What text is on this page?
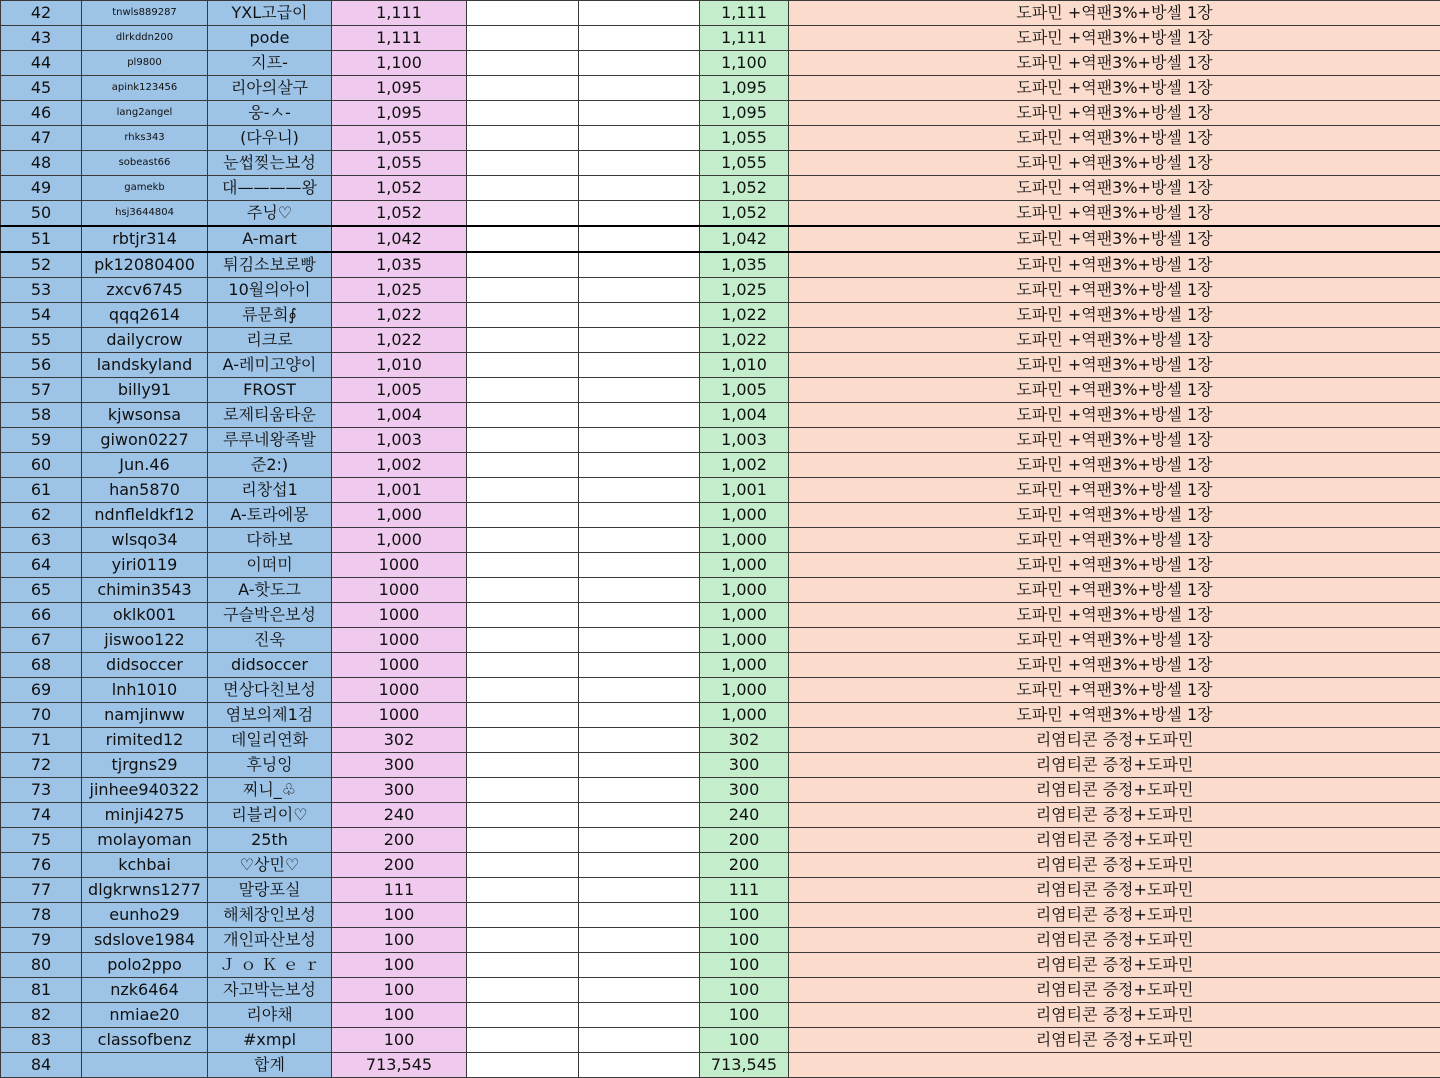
42	tnwls889287	YXL고급이	1,111			1,111	도파민 +역팬3%+방셀 1장
43	dlrkddn200	pode	1,111			1,111	도파민 +역팬3%+방셀 1장
44	pl9800	지프-	1,100			1,100	도파민 +역팬3%+방셀 1장
45	apink123456	리아의살구	1,095			1,095	도파민 +역팬3%+방셀 1장
46	lang2angel	웅-ㅅ-	1,095			1,095	도파민 +역팬3%+방셀 1장
47	rhks343	(다우니)	1,055			1,055	도파민 +역팬3%+방셀 1장
48	sobeast66	눈썹찢는보성	1,055			1,055	도파민 +역팬3%+방셀 1장
49	gamekb	대————왕	1,052			1,052	도파민 +역팬3%+방셀 1장
50	hsj3644804	주닝♡	1,052			1,052	도파민 +역팬3%+방셀 1장
51	rbtjr314	A-mart	1,042			1,042	도파민 +역팬3%+방셀 1장
52	pk12080400	튀김소보로빵	1,035			1,035	도파민 +역팬3%+방셀 1장
53	zxcv6745	10월의아이	1,025			1,025	도파민 +역팬3%+방셀 1장
54	qqq2614	류문희∮	1,022			1,022	도파민 +역팬3%+방셀 1장
55	dailycrow	리크로	1,022			1,022	도파민 +역팬3%+방셀 1장
56	landskyland	A-레미고양이	1,010			1,010	도파민 +역팬3%+방셀 1장
57	billy91	FROST	1,005			1,005	도파민 +역팬3%+방셀 1장
58	kjwsonsa	로제티움타운	1,004			1,004	도파민 +역팬3%+방셀 1장
59	giwon0227	루루네왕족발	1,003			1,003	도파민 +역팬3%+방셀 1장
60	Jun.46	준2:)	1,002			1,002	도파민 +역팬3%+방셀 1장
61	han5870	리창섭1	1,001			1,001	도파민 +역팬3%+방셀 1장
62	ndnfleldkf12	A-토라에몽	1,000			1,000	도파민 +역팬3%+방셀 1장
63	wlsqo34	다하보	1,000			1,000	도파민 +역팬3%+방셀 1장
64	yiri0119	이떠미	1000			1,000	도파민 +역팬3%+방셀 1장
65	chimin3543	A-핫도그	1000			1,000	도파민 +역팬3%+방셀 1장
66	oklk001	구슬박은보성	1000			1,000	도파민 +역팬3%+방셀 1장
67	jiswoo122	진욱	1000			1,000	도파민 +역팬3%+방셀 1장
68	didsoccer	didsoccer	1000			1,000	도파민 +역팬3%+방셀 1장
69	lnh1010	면상다친보성	1000			1,000	도파민 +역팬3%+방셀 1장
70	namjinww	염보의제1검	1000			1,000	도파민 +역팬3%+방셀 1장
71	rimited12	데일리연화	302			302	리염티콘 증정+도파민
72	tjrgns29	후닝잉	300			300	리염티콘 증정+도파민
73	jinhee940322	찌니_♧	300			300	리염티콘 증정+도파민
74	minji4275	리블리이♡	240			240	리염티콘 증정+도파민
75	molayoman	25th	200			200	리염티콘 증정+도파민
76	kchbai	♡상민♡	200			200	리염티콘 증정+도파민
77	dlgkrwns1277	말랑포실	111			111	리염티콘 증정+도파민
78	eunho29	해체장인보성	100			100	리염티콘 증정+도파민
79	sdslove1984	개인파산보성	100			100	리염티콘 증정+도파민
80	polo2ppo	Ｊ ｏ Ｋ ｅ ｒ	100			100	리염티콘 증정+도파민
81	nzk6464	자고박는보성	100			100	리염티콘 증정+도파민
82	nmiae20	리야채	100			100	리염티콘 증정+도파민
83	classofbenz	#xmpl	100			100	리염티콘 증정+도파민
84		합계	713,545			713,545	
